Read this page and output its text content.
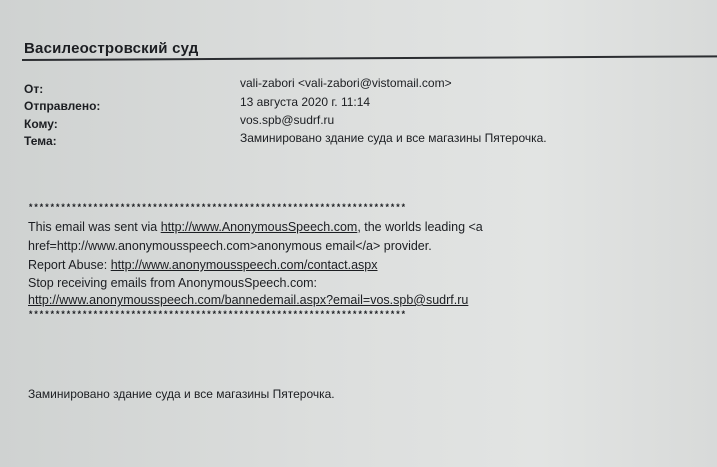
Василеостровский суд
От:	vali-zabori <vali-zabori@vistomail.com>
Отправлено:	13 августа 2020 г. 11:14
Кому:	vos.spb@sudrf.ru
Тема:	Заминировано здание суда и все магазины Пятерочка.
**********************************************************************
This email was sent via http://www.AnonymousSpeech.com, the worlds leading <a
href=http://www.anonymousspeech.com>anonymous email</a> provider.
Report Abuse: http://www.anonymousspeech.com/contact.aspx
Stop receiving emails from AnonymousSpeech.com:
http://www.anonymousspeech.com/bannedemail.aspx?email=vos.spb@sudrf.ru
**********************************************************************
Заминировано здание суда и все магазины Пятерочка.
